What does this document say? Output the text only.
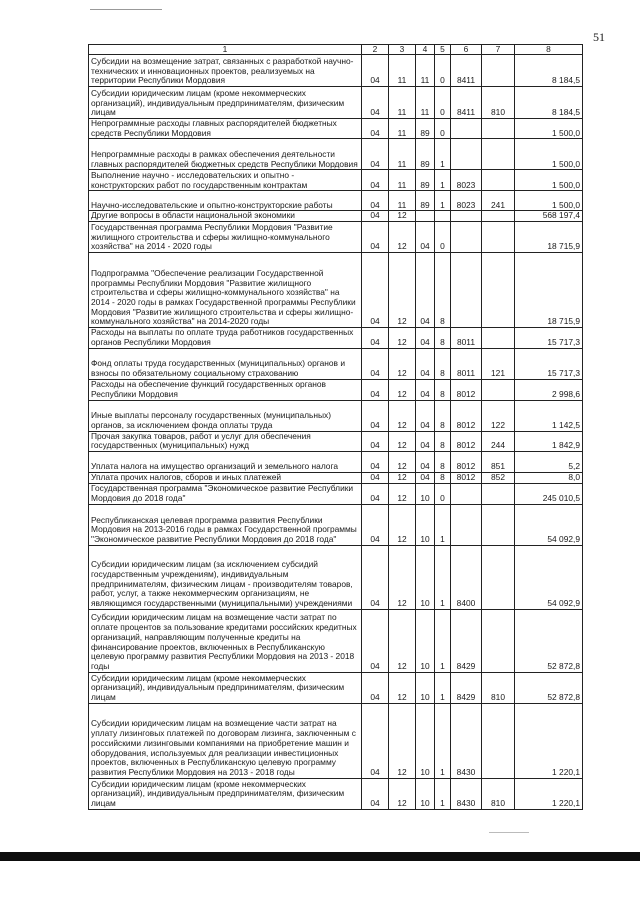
51
1	2	3	4	5	6	7	8
Субсидии на возмещение затрат, связанных с разработкой научно-технических и инновационных проектов, реализуемых на территории Республики Мордовия	04	11	11	0	8411		8 184,5
Субсидии юридическим лицам (кроме некоммерческих организаций), индивидуальным предпринимателям, физическим лицам	04	11	11	0	8411	810	8 184,5
Непрограммные расходы главных распорядителей бюджетных средств Республики Мордовия	04	11	89	0			1 500,0
Непрограммные расходы в рамках обеспечения деятельности главных распорядителей бюджетных средств Республики Мордовия	04	11	89	1			1 500,0
Выполнение научно - исследовательских и опытно - конструкторских работ по государственным контрактам	04	11	89	1	8023		1 500,0
Научно-исследовательские и опытно-конструкторские работы	04	11	89	1	8023	241	1 500,0
Другие вопросы в области национальной экономики	04	12					568 197,4
Государственная программа Республики Мордовия "Развитие жилищного строительства и сферы жилищно-коммунального хозяйства" на 2014 - 2020 годы	04	12	04	0			18 715,9
Подпрограмма "Обеспечение реализации Государственной программы Республики Мордовия "Развитие жилищного строительства и сферы жилищно-коммунального хозяйства" на 2014 - 2020 годы в рамках Государственной программы Республики Мордовия "Развитие жилищного строительства и сферы жилищно-коммунального хозяйства" на 2014-2020 годы	04	12	04	8			18 715,9
Расходы на выплаты по оплате труда работников государственных органов Республики Мордовия	04	12	04	8	8011		15 717,3
Фонд оплаты труда государственных (муниципальных) органов и взносы по обязательному социальному страхованию	04	12	04	8	8011	121	15 717,3
Расходы на обеспечение функций государственных органов Республики Мордовия	04	12	04	8	8012		2 998,6
Иные выплаты персоналу государственных (муниципальных) органов, за исключением фонда оплаты труда	04	12	04	8	8012	122	1 142,5
Прочая закупка товаров, работ и услуг для обеспечения государственных (муниципальных) нужд	04	12	04	8	8012	244	1 842,9
Уплата налога на имущество организаций и земельного налога	04	12	04	8	8012	851	5,2
Уплата прочих налогов, сборов и иных платежей	04	12	04	8	8012	852	8,0
Государственная программа "Экономическое развитие Республики Мордовия до 2018 года"	04	12	10	0			245 010,5
Республиканская целевая программа развития Республики Мордовия на 2013-2016 годы в рамках Государственной программы "Экономическое развитие Республики Мордовия до 2018 года"	04	12	10	1			54 092,9
Субсидии юридическим лицам (за исключением субсидий государственным учреждениям), индивидуальным предпринимателям, физическим лицам - производителям товаров, работ, услуг, а также некоммерческим организациям, не являющимся государственными (муниципальными) учреждениями	04	12	10	1	8400		54 092,9
Субсидии юридическим лицам на возмещение части затрат по оплате процентов за пользование кредитами российских кредитных организаций, направляющим полученные кредиты на финансирование проектов, включенных в Республиканскую целевую программу развития Республики Мордовия на 2013 - 2018 годы	04	12	10	1	8429		52 872,8
Субсидии юридическим лицам (кроме некоммерческих организаций), индивидуальным предпринимателям, физическим лицам	04	12	10	1	8429	810	52 872,8
Субсидии юридическим лицам на возмещение части затрат на уплату лизинговых платежей по договорам лизинга, заключенным с российскими лизинговыми компаниями на приобретение машин и оборудования, используемых для реализации инвестиционных проектов, включенных в Республиканскую целевую программу развития Республики Мордовия на 2013 - 2018 годы	04	12	10	1	8430		1 220,1
Субсидии юридическим лицам (кроме некоммерческих организаций), индивидуальным предпринимателям, физическим лицам	04	12	10	1	8430	810	1 220,1
